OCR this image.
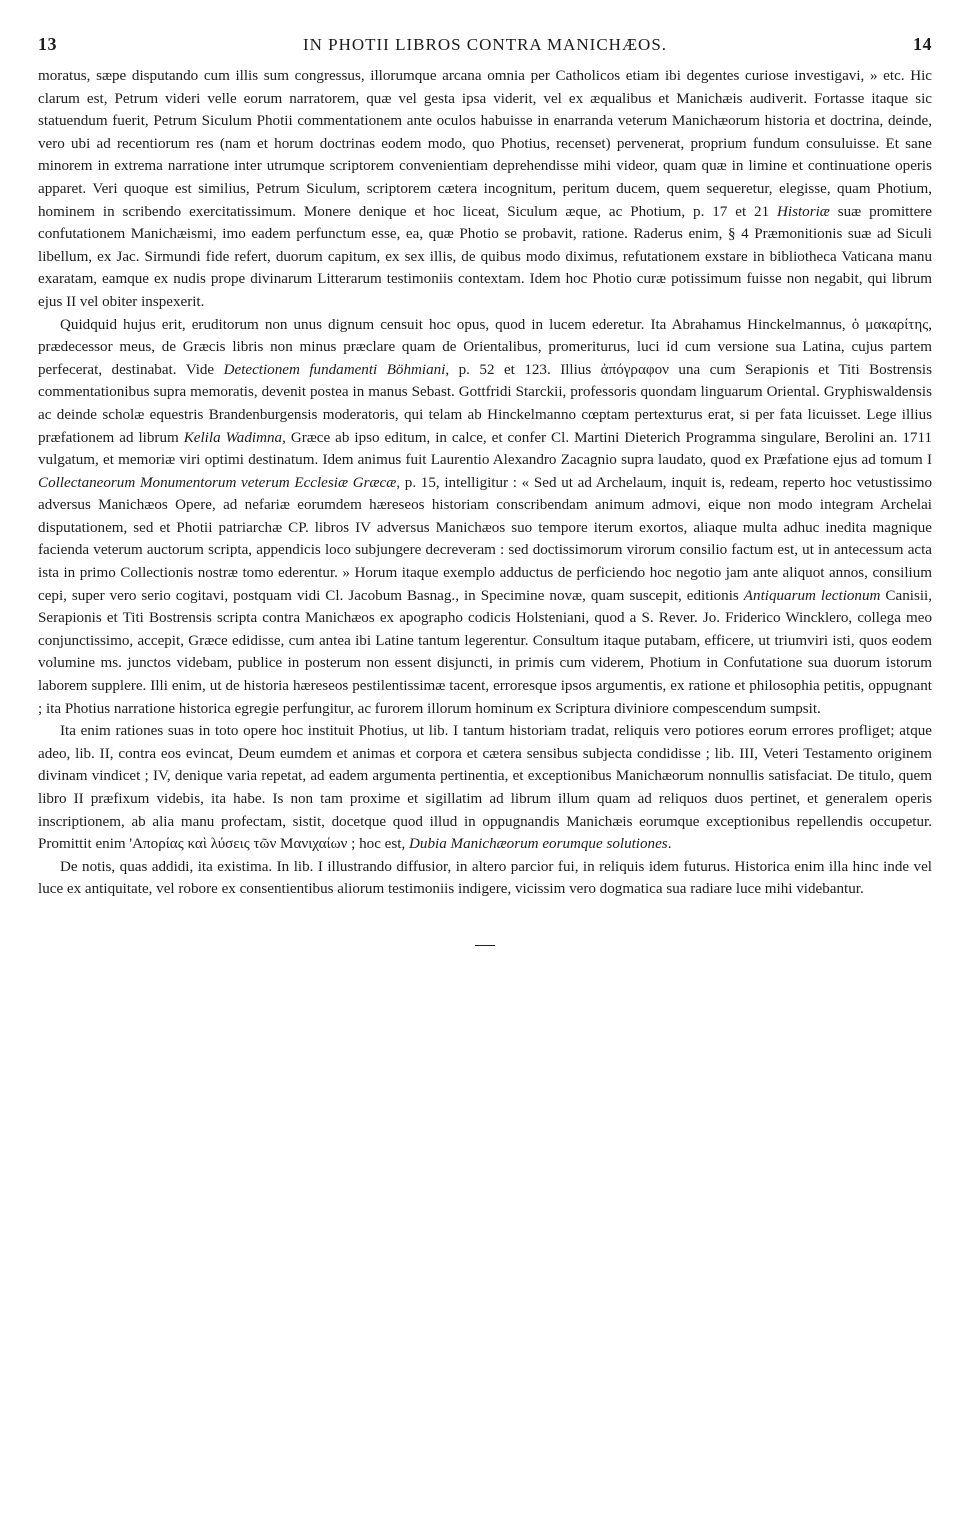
13	IN PHOTII LIBROS CONTRA MANICHÆOS.	14

moratus, sæpe disputando cum illis sum congressus, illorumque arcana omnia per Catholicos etiam ibi degentes curiose investigavi, » etc. Hic clarum est, Petrum videri velle eorum narratorem, quæ vel gesta ipsa viderit, vel ex æqualibus et Manichæis audiverit. Fortasse itaque sic statuendum fuerit, Petrum Siculum Photii commentationem ante oculos habuisse in enarranda veterum Manichæorum historia et doctrina, deinde, vero ubi ad recentiorum res (nam et horum doctrinas eodem modo, quo Photius, recenset) pervenerat, proprium fundum consuluisse. Et sane minorem in extrema narratione inter utrumque scriptorem convenientiam deprehendisse mihi videor, quam quæ in limine et continuatione operis apparet. Veri quoque est similius, Petrum Siculum, scriptorem cætera incognitum, peritum ducem, quem sequeretur, elegisse, quam Photium, hominem in scribendo exercitatissimum. Monere denique et hoc liceat, Siculum æque, ac Photium, p. 17 et 21 Historiæ suæ promittere confutationem Manichæismi, imo eadem perfunctum esse, ea, quæ Photio se probavit, ratione. Raderus enim, § 4 Præmonitionis suæ ad Siculi libellum, ex Jac. Sirmundi fide refert, duorum capitum, ex sex illis, de quibus modo diximus, refutationem exstare in bibliotheca Vaticana manu exaratam, eamque ex nudis prope divinarum Litterarum testimoniis contextam. Idem hoc Photio curæ potissimum fuisse non negabit, qui librum ejus II vel obiter inspexerit.

Quidquid hujus erit, eruditorum non unus dignum censuit hoc opus, quod in lucem ederetur. Ita Abrahamus Hinckelmannus, ὁ μακαρίτης, prædecessor meus, de Græcis libris non minus præclare quam de Orientalibus, promeriturus, luci id cum versione sua Latina, cujus partem perfecerat, destinabat. Vide Detectionem fundamenti Böhmiani, p. 52 et 123. Illius ἀπόγραφον una cum Serapionis et Titi Bostrensis commentationibus supra memoratis, devenit postea in manus Sebast. Gottfridi Starckii, professoris quondam linguarum Oriental. Gryphiswaldensis ac deinde scholæ equestris Brandenburgensis moderatoris, qui telam ab Hinckelmanno cœptam pertexturus erat, si per fata licuisset. Lege illius præfationem ad librum Kelila Wadimna, Græce ab ipso editum, in calce, et confer Cl. Martini Dieterich Programma singulare, Berolini an. 1711 vulgatum, et memoriæ viri optimi destinatum. Idem animus fuit Laurentio Alexandro Zacagnio supra laudato, quod ex Præfatione ejus ad tomum I Collectaneorum Monumentorum veterum Ecclesiæ Græcæ, p. 15, intelligitur : « Sed ut ad Archelaum, inquit is, redeam, reperto hoc vetustissimo adversus Manichæos Opere, ad nefariæ eorumdem hæreseos historiam conscribendam animum admovi, eique non modo integram Archelai disputationem, sed et Photii patriarchæ CP. libros IV adversus Manichæos suo tempore iterum exortos, aliaque multa adhuc inedita magnique facienda veterum auctorum scripta, appendicis loco subjungere decreveram : sed doctissimorum virorum consilio factum est, ut in antecessum acta ista in primo Collectionis nostræ tomo ederentur. » Horum itaque exemplo adductus de perficiendo hoc negotio jam ante aliquot annos, consilium cepi, super vero serio cogitavi, postquam vidi Cl. Jacobum Basnag., in Specimine novæ, quam suscepit, editionis Antiquarum lectionum Canisii, Serapionis et Titi Bostrensis scripta contra Manichæos ex apographo codicis Holsteniani, quod a S. Rever. Jo. Friderico Wincklero, collega meo conjunctissimo, accepit, Græce edidisse, cum antea ibi Latine tantum legerentur. Consultum itaque putabam, efficere, ut triumviri isti, quos eodem volumine ms. junctos videbam, publice in posterum non essent disjuncti, in primis cum viderem, Photium in Confutatione sua duorum istorum laborem supplere. Illi enim, ut de historia hæreseos pestilentissimæ tacent, erroresque ipsos argumentis, ex ratione et philosophia petitis, oppugnant ; ita Photius narratione historica egregie perfungitur, ac furorem illorum hominum ex Scriptura diviniore compescendum sumpsit.

Ita enim rationes suas in toto opere hoc instituit Photius, ut lib. I tantum historiam tradat, reliquis vero potiores eorum errores profliget; atque adeo, lib. II, contra eos evincat, Deum eumdem et animas et corpora et cætera sensibus subjecta condidisse ; lib. III, Veteri Testamento originem divinam vindicet ; IV, denique varia repetat, ad eadem argumenta pertinentia, et exceptionibus Manichæorum nonnullis satisfaciat. De titulo, quem libro II præfixum videbis, ita habe. Is non tam proxime et sigillatim ad librum illum quam ad reliquos duos pertinet, et generalem operis inscriptionem, ab alia manu profectam, sistit, docetque quod illud in oppugnandis Manichæis eorumque exceptionibus repellendis occupetur. Promittit enim 'Απορίας καὶ λύσεις τῶν Μανιχαίων ; hoc est, Dubia Manichæorum eorumque solutiones.

De notis, quas addidi, ita existima. In lib. I illustrando diffusior, in altero parcior fui, in reliquis idem futurus. Historica enim illa hinc inde vel luce ex antiquitate, vel robore ex consentientibus aliorum testimoniis indigere, vicissim vero dogmatica sua radiare luce mihi videbantur.
